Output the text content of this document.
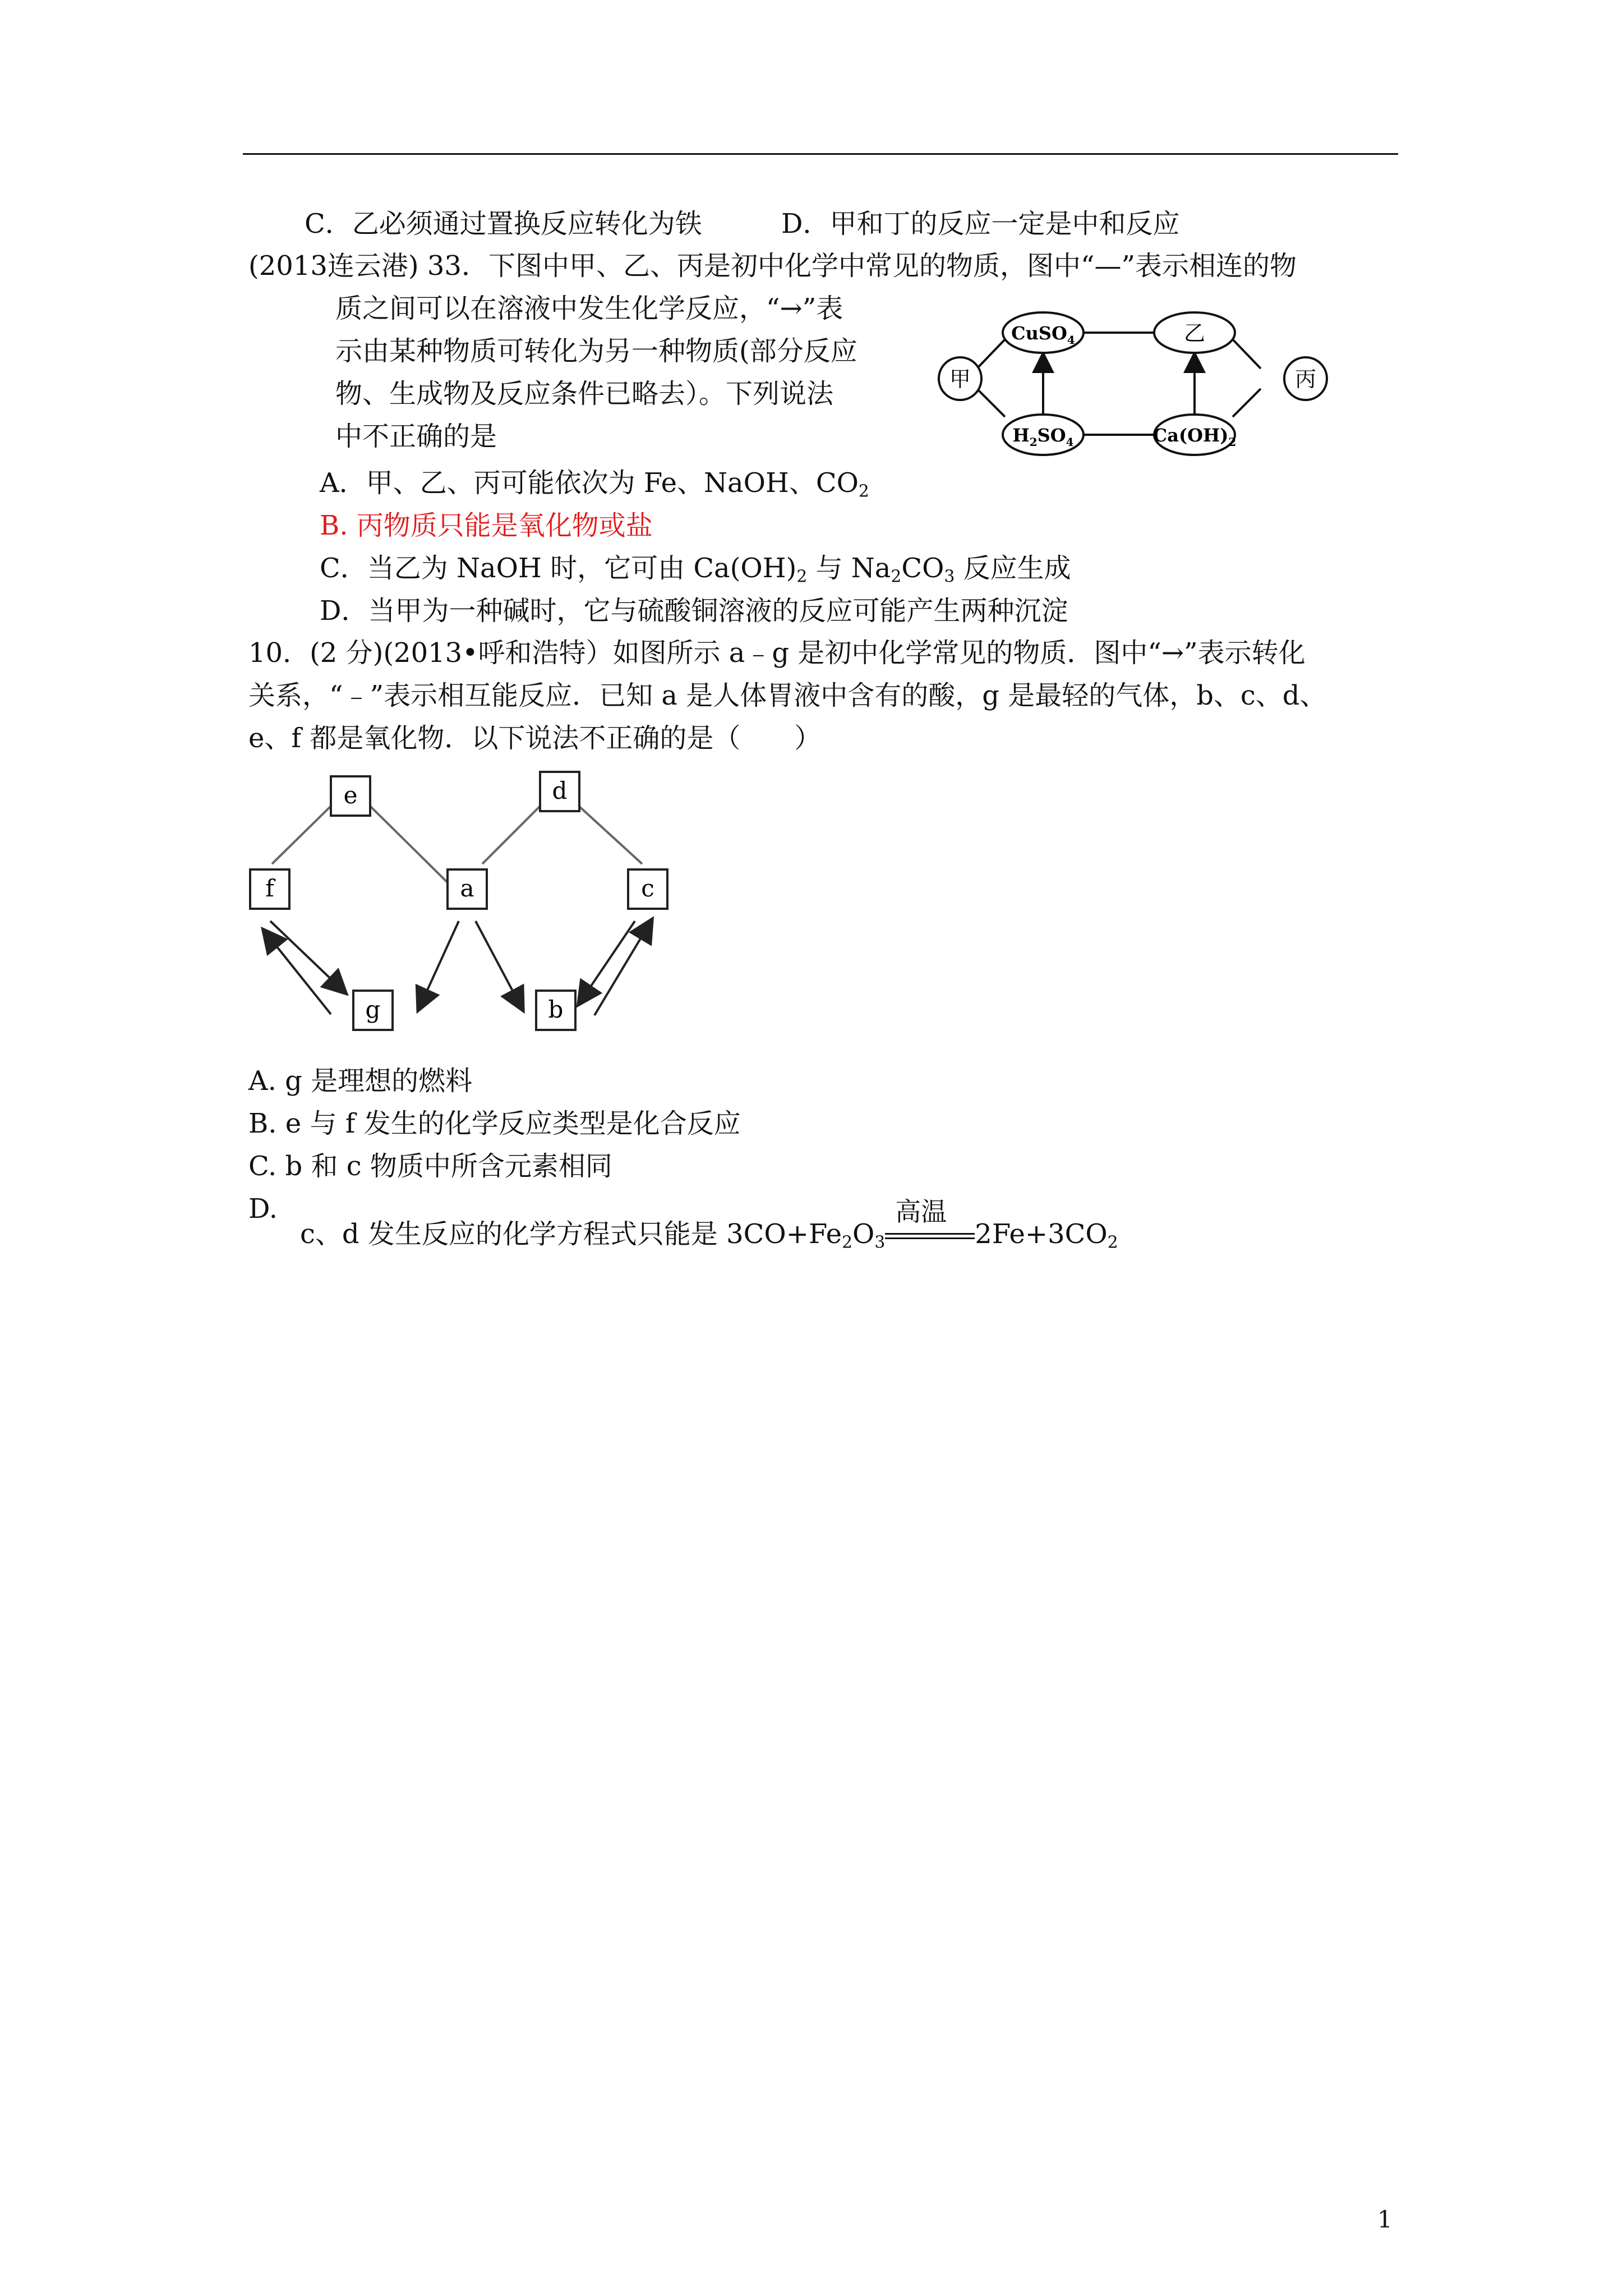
C．乙必须通过置换反应转化为铁	D．甲和丁的反应一定是中和反应
(2013连云港) 33．下图中甲、乙、丙是初中化学中常见的物质，图中“—”表示相连的物
质之间可以在溶液中发生化学反应，“→”表
示由某种物质可转化为另一种物质(部分反应
物、生成物及反应条件已略去）。下列说法
中不正确的是
甲
CuSO$_4$	乙
丙
$H_2SO_4$	$Ca(OH)_2$
A．甲、乙、丙可能依次为 Fe、NaOH、$CO_2$
B. 丙物质只能是氧化物或盐
C．当乙为 NaOH 时，它可由 $Ca(OH)_2$ 与 $Na_2CO_3$ 反应生成
D．当甲为一种碱时，它与硫酸铜溶液的反应可能产生两种沉淀
10．(2 分)(2013•呼和浩特）如图所示 a﹣g 是初中化学常见的物质．图中“→”表示转化
关系，“﹣”表示相互能反应．已知 a 是人体胃液中含有的酸，g 是最轻的气体，b、c、d、
e、f 都是氧化物．以下说法不正确的是（　　）
e	d
f	a	c
g	b
A. g 是理想的燃料
B. e 与 f 发生的化学反应类型是化合反应
C. b 和 c 物质中所含元素相同
D.
c、d 发生反应的化学方程式只能是 $3CO+Fe_2O_3$
高温
$2Fe+3CO_2$
1
